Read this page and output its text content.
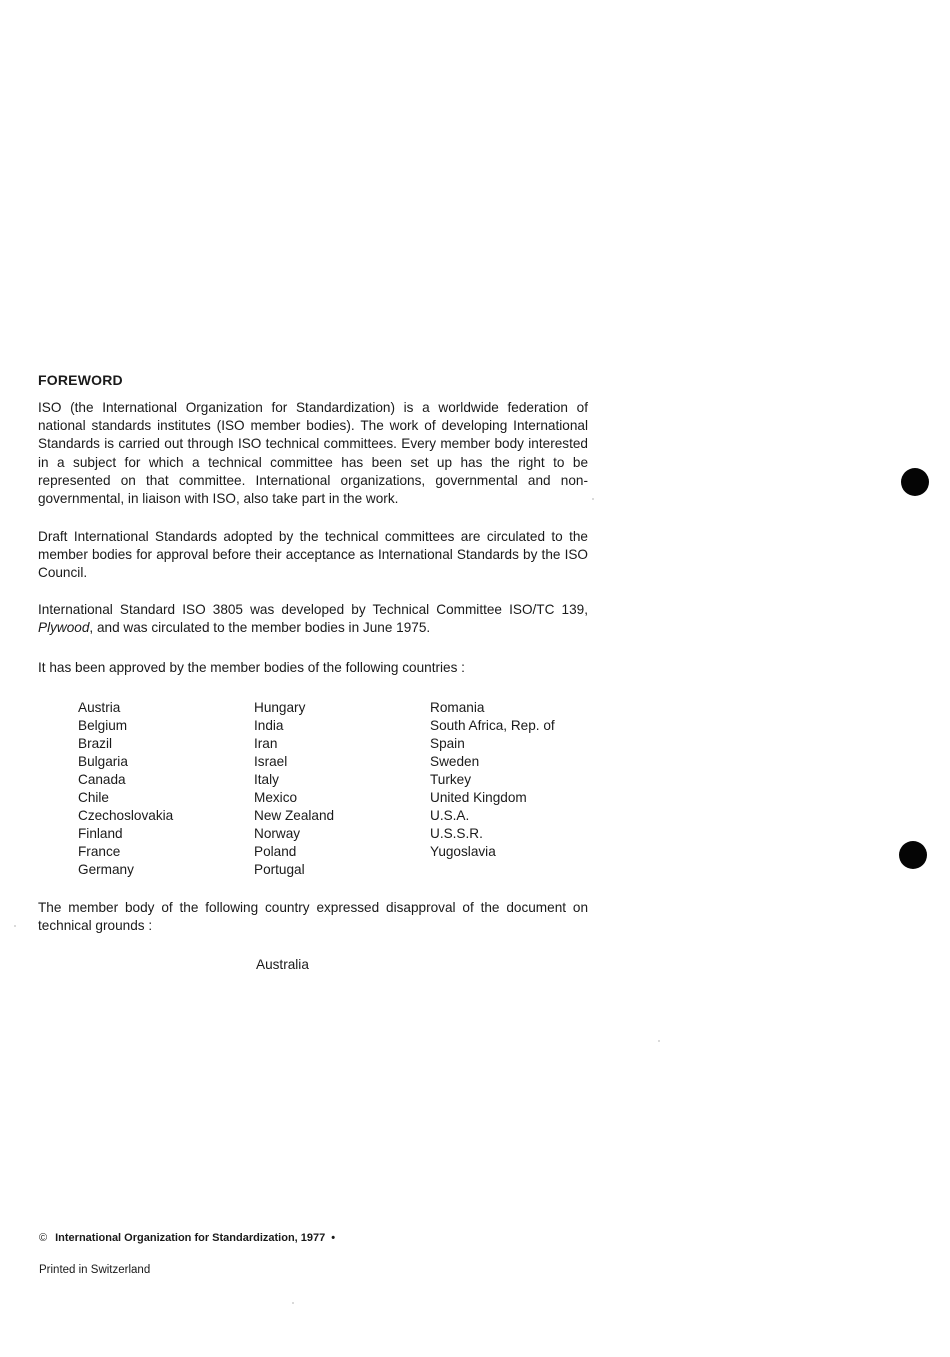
FOREWORD

ISO (the International Organization for Standardization) is a worldwide federation of national standards institutes (ISO member bodies). The work of developing International Standards is carried out through ISO technical committees. Every member body interested in a subject for which a technical committee has been set up has the right to be represented on that committee. International organizations, governmental and non-governmental, in liaison with ISO, also take part in the work.

Draft International Standards adopted by the technical committees are circulated to the member bodies for approval before their acceptance as International Standards by the ISO Council.

International Standard ISO 3805 was developed by Technical Committee ISO/TC 139, Plywood, and was circulated to the member bodies in June 1975.

It has been approved by the member bodies of the following countries :

Austria
Belgium
Brazil
Bulgaria
Canada
Chile
Czechoslovakia
Finland
France
Germany
Hungary
India
Iran
Israel
Italy
Mexico
New Zealand
Norway
Poland
Portugal
Romania
South Africa, Rep. of
Spain
Sweden
Turkey
United Kingdom
U.S.A.
U.S.S.R.
Yugoslavia

The member body of the following country expressed disapproval of the document on technical grounds :

Australia
© International Organization for Standardization, 1977 •
Printed in Switzerland
